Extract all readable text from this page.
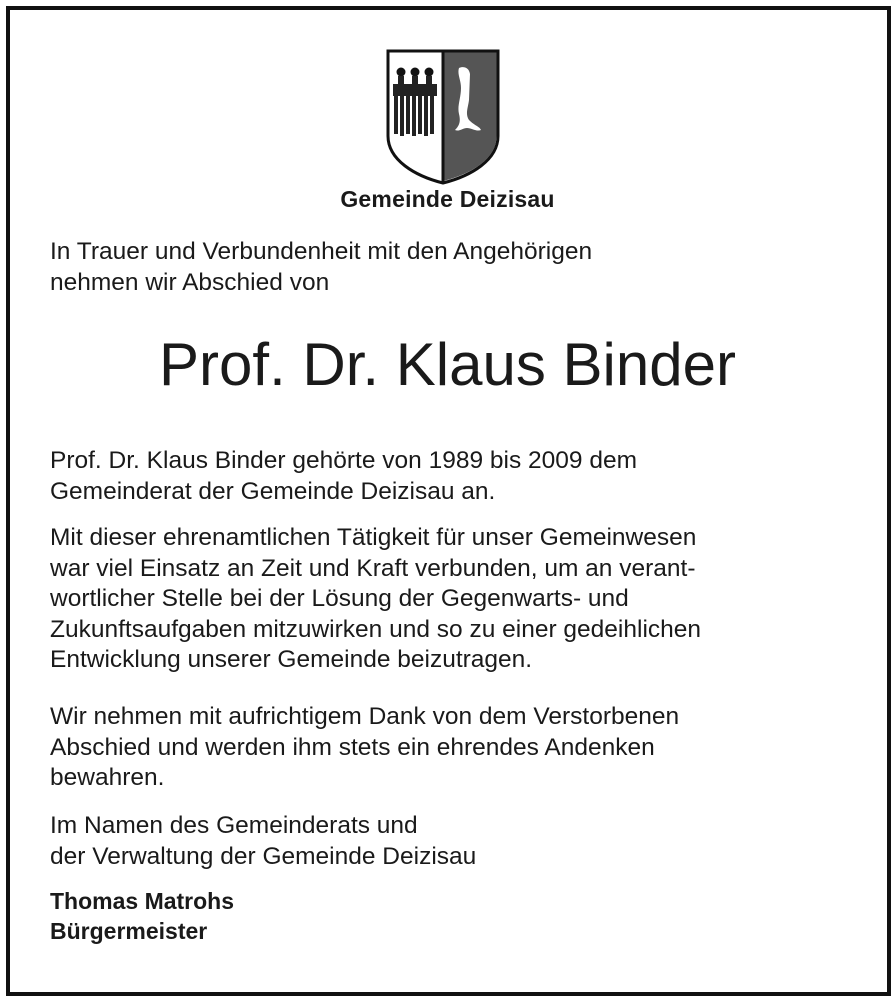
Gemeinde Deizisau

In Trauer und Verbundenheit mit den Angehörigen
nehmen wir Abschied von

Prof. Dr. Klaus Binder

Prof. Dr. Klaus Binder gehörte von 1989 bis 2009 dem
Gemeinderat der Gemeinde Deizisau an.

Mit dieser ehrenamtlichen Tätigkeit für unser Gemeinwesen
war viel Einsatz an Zeit und Kraft verbunden, um an verant-
wortlicher Stelle bei der Lösung der Gegenwarts- und
Zukunftsaufgaben mitzuwirken und so zu einer gedeihlichen
Entwicklung unserer Gemeinde beizutragen.

Wir nehmen mit aufrichtigem Dank von dem Verstorbenen
Abschied und werden ihm stets ein ehrendes Andenken
bewahren.

Im Namen des Gemeinderats und
der Verwaltung der Gemeinde Deizisau

Thomas Matrohs
Bürgermeister
